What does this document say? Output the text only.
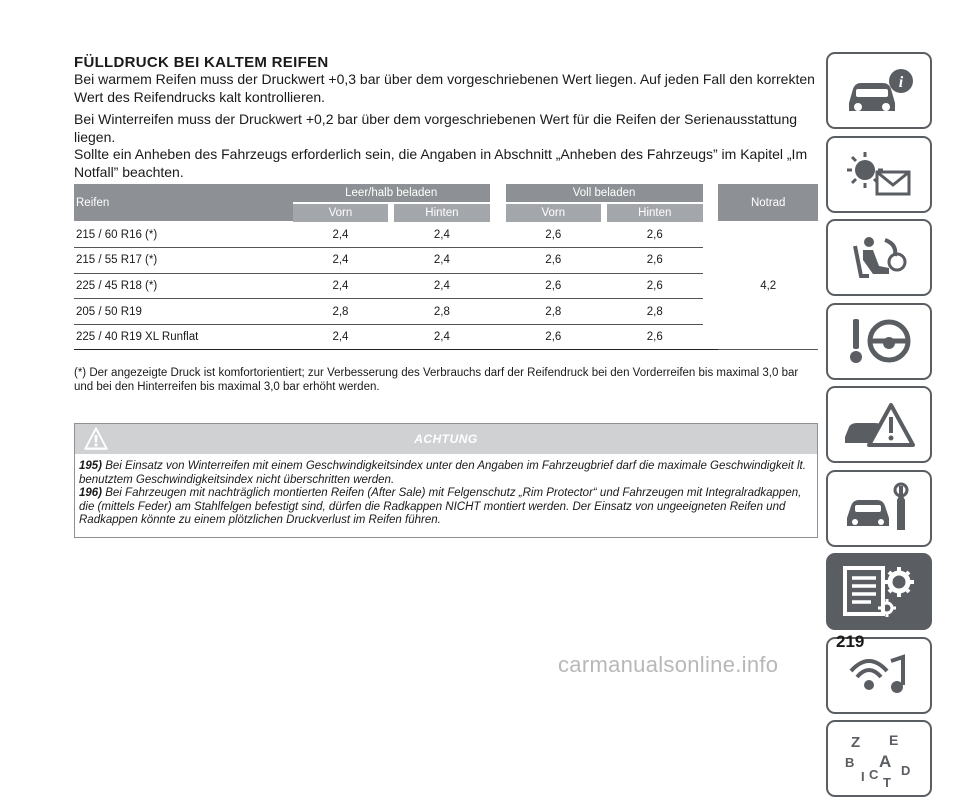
FÜLLDRUCK BEI KALTEM REIFEN

Bei warmem Reifen muss der Druckwert +0,3 bar über dem vorgeschriebenen Wert liegen. Auf jeden Fall den korrekten Wert des Reifendrucks kalt kontrollieren.

Bei Winterreifen muss der Druckwert +0,2 bar über dem vorgeschriebenen Wert für die Reifen der Serienausstattung liegen.

Sollte ein Anheben des Fahrzeugs erforderlich sein, die Angaben in Abschnitt „Anheben des Fahrzeugs” im Kapitel „Im Notfall” beachten.

Reifen	Leer/halb beladen				Voll beladen				Notrad
	Vorn		Hinten		Vorn		Hinten		
215 / 60 R16 (*)	2,4		2,4		2,6		2,6		4,2
215 / 55 R17 (*)	2,4		2,4		2,6		2,6		
225 / 45 R18 (*)	2,4		2,4		2,6		2,6		
205 / 50 R19	2,8		2,8		2,8		2,8		
225 / 40 R19 XL Runflat	2,4		2,4		2,6		2,6		

(*) Der angezeigte Druck ist komfortorientiert; zur Verbesserung des Verbrauchs darf der Reifendruck bei den Vorderreifen bis maximal 3,0 bar und bei den Hinterreifen bis maximal 3,0 bar erhöht werden.

ACHTUNG

195) Bei Einsatz von Winterreifen mit einem Geschwindigkeitsindex unter den Angaben im Fahrzeugbrief darf die maximale Geschwindigkeit lt. benutztem Geschwindigkeitsindex nicht überschritten werden.

196) Bei Fahrzeugen mit nachträglich montierten Reifen (After Sale) mit Felgenschutz „Rim Protector“ und Fahrzeugen mit Integralradkappen, die (mittels Feder) am Stahlfelgen befestigt sind, dürfen die Radkappen NICHT montiert werden. Der Einsatz von ungeeigneten Reifen und Radkappen könnte zu einem plötzlichen Druckverlust im Reifen führen.

i
Z E
B A
I C D
T
219
carmanualsonline.info
